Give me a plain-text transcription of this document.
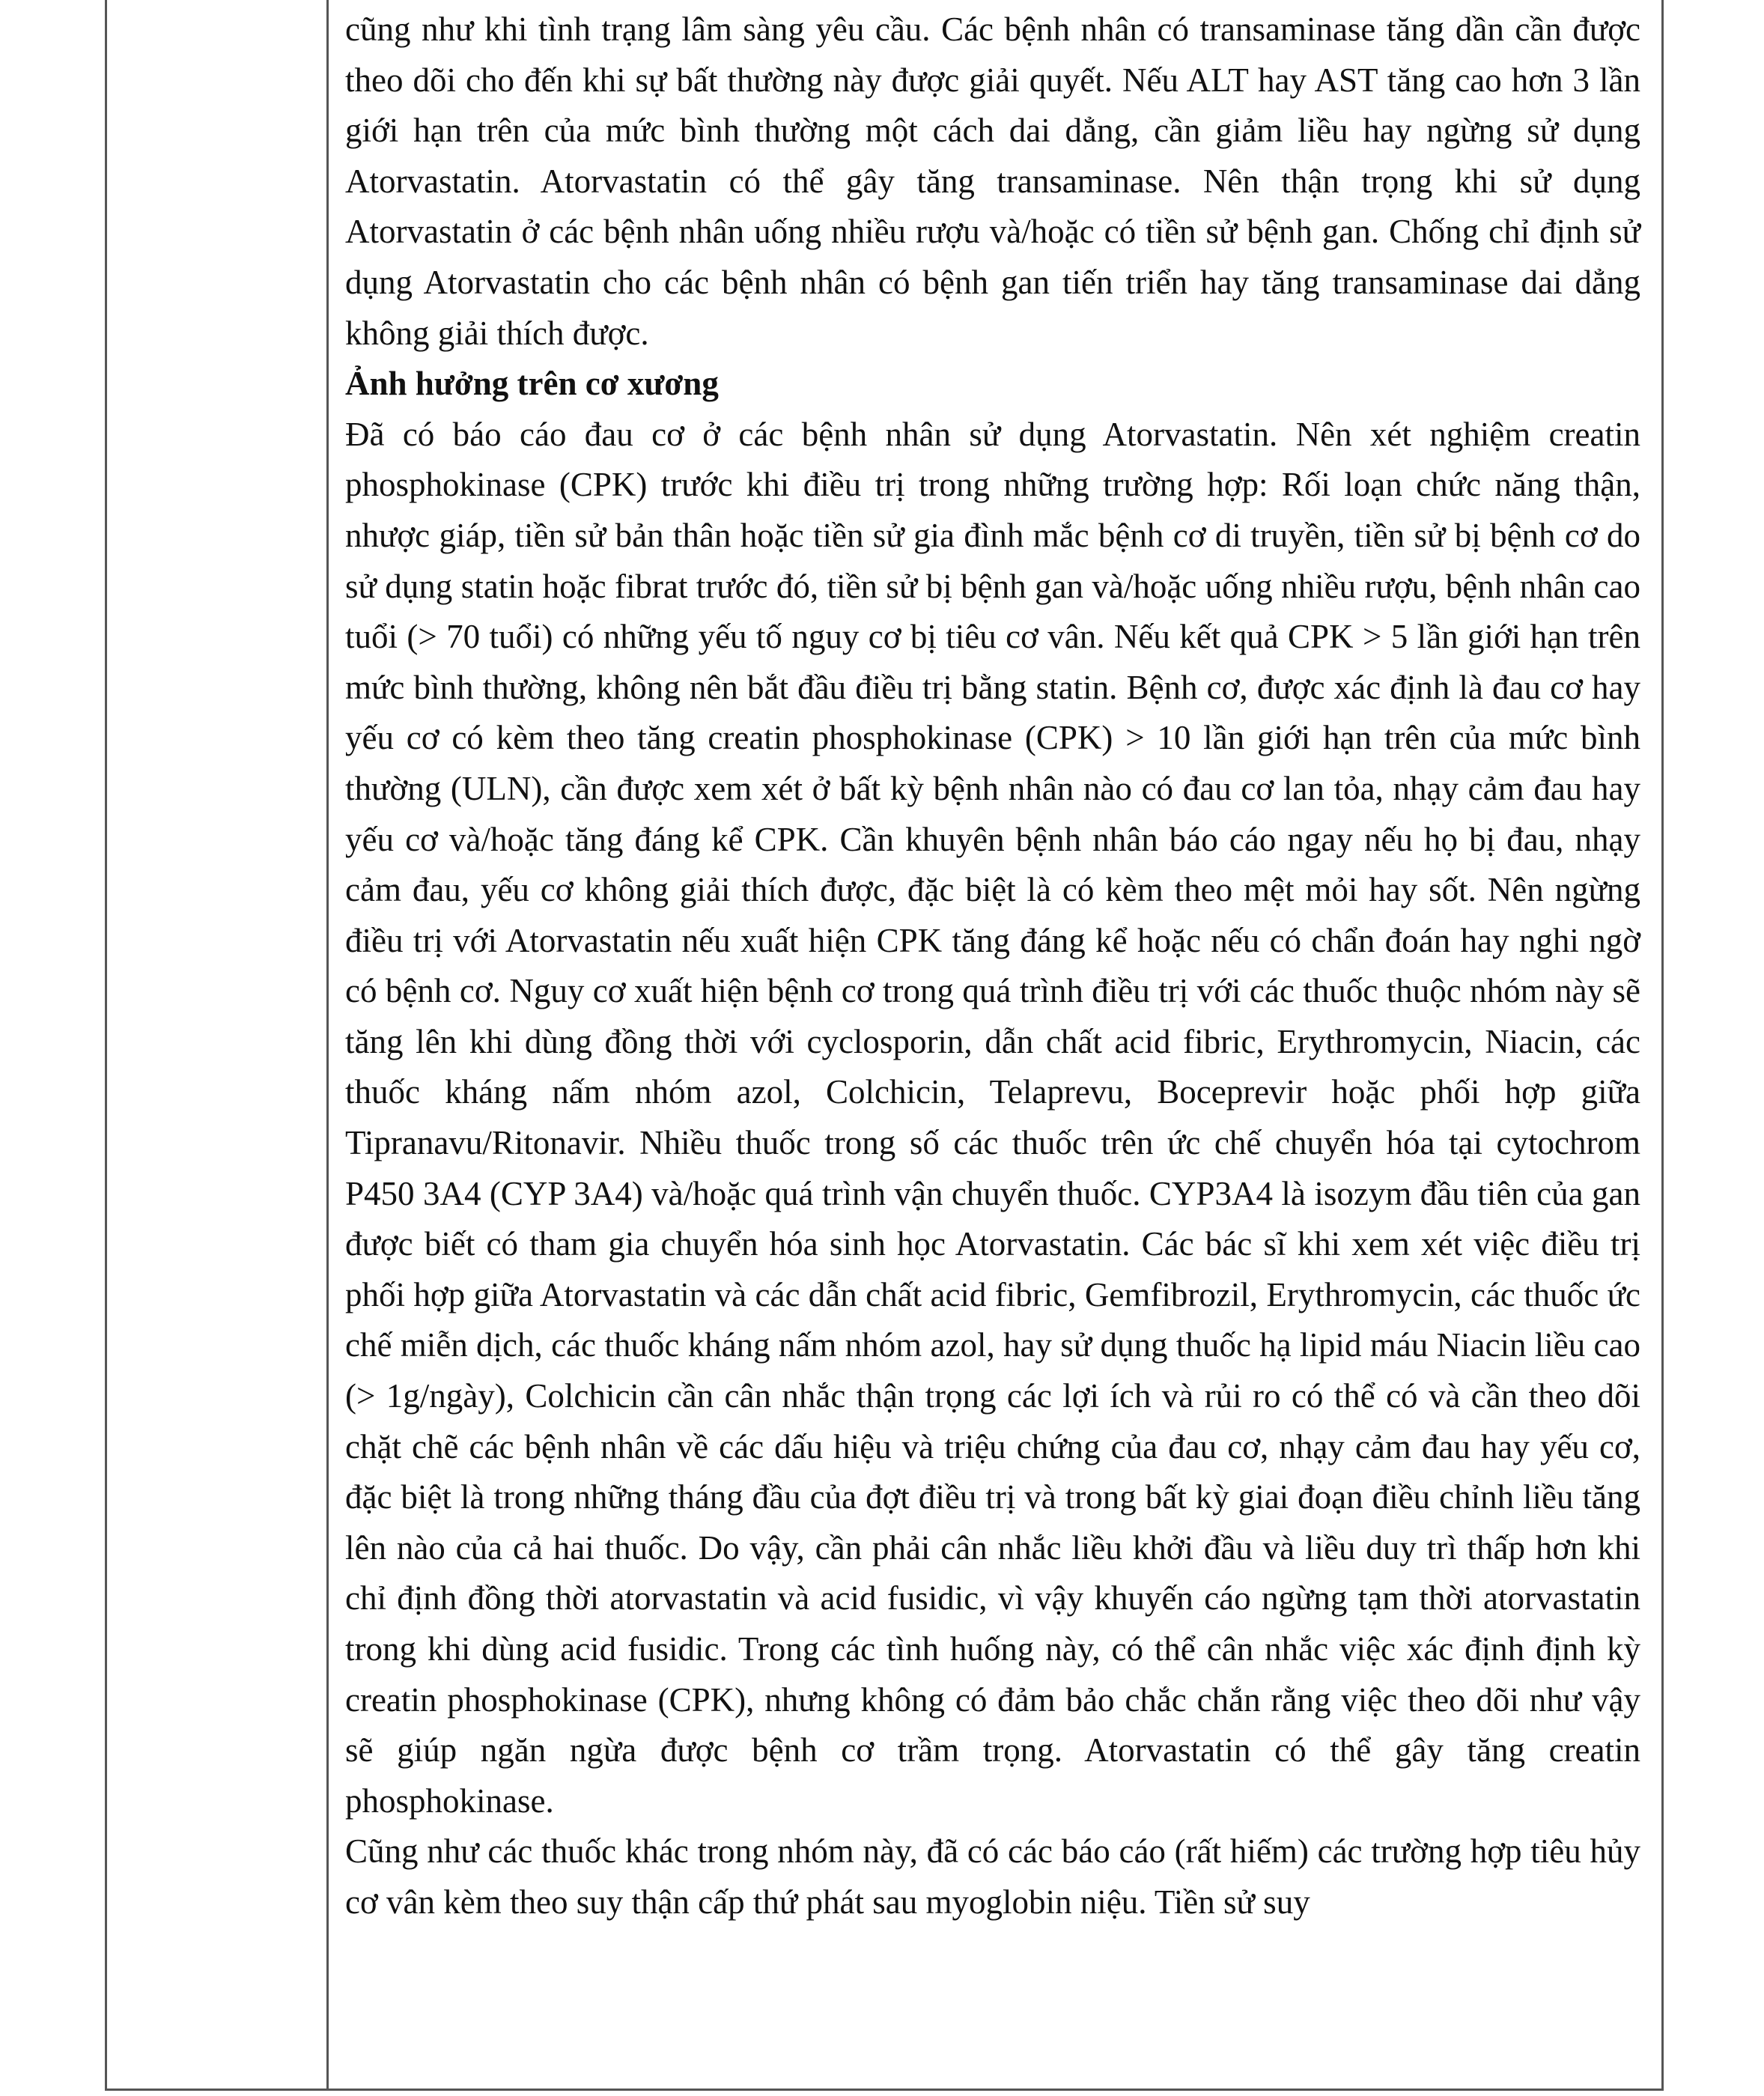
cũng như khi tình trạng lâm sàng yêu cầu. Các bệnh nhân có transaminase tăng dần cần được theo dõi cho đến khi sự bất thường này được giải quyết. Nếu ALT hay AST tăng cao hơn 3 lần giới hạn trên của mức bình thường một cách dai dẳng, cần giảm liều hay ngừng sử dụng Atorvastatin. Atorvastatin có thể gây tăng transaminase. Nên thận trọng khi sử dụng Atorvastatin ở các bệnh nhân uống nhiều rượu và/hoặc có tiền sử bệnh gan. Chống chỉ định sử dụng Atorvastatin cho các bệnh nhân có bệnh gan tiến triển hay tăng transaminase dai dẳng không giải thích được.

Ảnh hưởng trên cơ xương

Đã có báo cáo đau cơ ở các bệnh nhân sử dụng Atorvastatin. Nên xét nghiệm creatin phosphokinase (CPK) trước khi điều trị trong những trường hợp: Rối loạn chức năng thận, nhược giáp, tiền sử bản thân hoặc tiền sử gia đình mắc bệnh cơ di truyền, tiền sử bị bệnh cơ do sử dụng statin hoặc fibrat trước đó, tiền sử bị bệnh gan và/hoặc uống nhiều rượu, bệnh nhân cao tuổi (> 70 tuổi) có những yếu tố nguy cơ bị tiêu cơ vân. Nếu kết quả CPK > 5 lần giới hạn trên mức bình thường, không nên bắt đầu điều trị bằng statin. Bệnh cơ, được xác định là đau cơ hay yếu cơ có kèm theo tăng creatin phosphokinase (CPK) > 10 lần giới hạn trên của mức bình thường (ULN), cần được xem xét ở bất kỳ bệnh nhân nào có đau cơ lan tỏa, nhạy cảm đau hay yếu cơ và/hoặc tăng đáng kể CPK. Cần khuyên bệnh nhân báo cáo ngay nếu họ bị đau, nhạy cảm đau, yếu cơ không giải thích được, đặc biệt là có kèm theo mệt mỏi hay sốt. Nên ngừng điều trị với Atorvastatin nếu xuất hiện CPK tăng đáng kể hoặc nếu có chẩn đoán hay nghi ngờ có bệnh cơ. Nguy cơ xuất hiện bệnh cơ trong quá trình điều trị với các thuốc thuộc nhóm này sẽ tăng lên khi dùng đồng thời với cyclosporin, dẫn chất acid fibric, Erythromycin, Niacin, các thuốc kháng nấm nhóm azol, Colchicin, Telaprevu, Boceprevir hoặc phối hợp giữa Tipranavu/Ritonavir. Nhiều thuốc trong số các thuốc trên ức chế chuyển hóa tại cytochrom P450 3A4 (CYP 3A4) và/hoặc quá trình vận chuyển thuốc. CYP3A4 là isozym đầu tiên của gan được biết có tham gia chuyển hóa sinh học Atorvastatin. Các bác sĩ khi xem xét việc điều trị phối hợp giữa Atorvastatin và các dẫn chất acid fibric, Gemfibrozil, Erythromycin, các thuốc ức chế miễn dịch, các thuốc kháng nấm nhóm azol, hay sử dụng thuốc hạ lipid máu Niacin liều cao (> 1g/ngày), Colchicin cần cân nhắc thận trọng các lợi ích và rủi ro có thể có và cần theo dõi chặt chẽ các bệnh nhân về các dấu hiệu và triệu chứng của đau cơ, nhạy cảm đau hay yếu cơ, đặc biệt là trong những tháng đầu của đợt điều trị và trong bất kỳ giai đoạn điều chỉnh liều tăng lên nào của cả hai thuốc. Do vậy, cần phải cân nhắc liều khởi đầu và liều duy trì thấp hơn khi chỉ định đồng thời atorvastatin và acid fusidic, vì vậy khuyến cáo ngừng tạm thời atorvastatin trong khi dùng acid fusidic. Trong các tình huống này, có thể cân nhắc việc xác định định kỳ creatin phosphokinase (CPK), nhưng không có đảm bảo chắc chắn rằng việc theo dõi như vậy sẽ giúp ngăn ngừa được bệnh cơ trầm trọng. Atorvastatin có thể gây tăng creatin phosphokinase.

Cũng như các thuốc khác trong nhóm này, đã có các báo cáo (rất hiếm) các trường hợp tiêu hủy cơ vân kèm theo suy thận cấp thứ phát sau myoglobin niệu. Tiền sử suy
